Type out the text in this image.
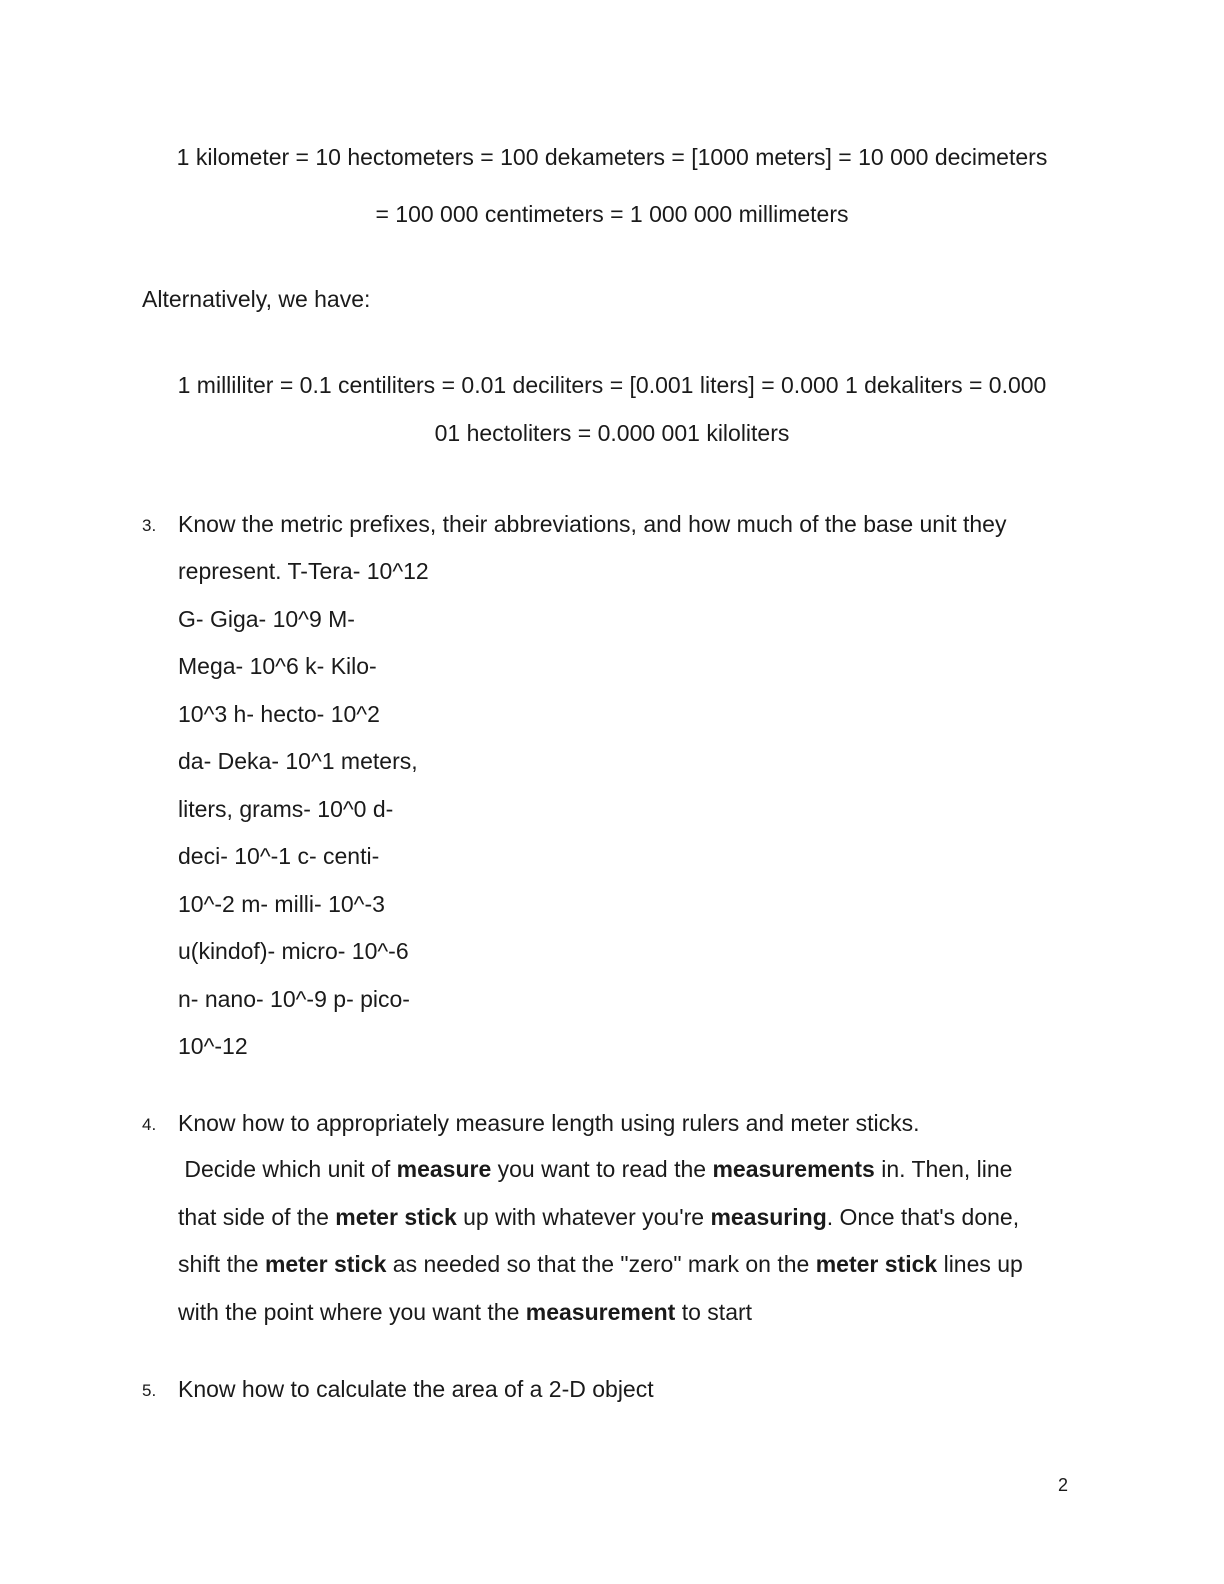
1 kilometer = 10 hectometers = 100 dekameters = [1000 meters] = 10 000 decimeters
= 100 000 centimeters = 1 000 000 millimeters
Alternatively, we have:
1 milliliter = 0.1 centiliters = 0.01 deciliters = [0.001 liters] = 0.000 1 dekaliters = 0.000
01 hectoliters = 0.000 001 kiloliters
3. Know the metric prefixes, their abbreviations, and how much of the base unit they
represent. T-Tera- 10^12
G- Giga- 10^9 M-
Mega- 10^6 k- Kilo-
10^3 h- hecto- 10^2
da- Deka- 10^1 meters,
liters, grams- 10^0 d-
deci- 10^-1 c- centi-
10^-2 m- milli- 10^-3
u(kindof)- micro- 10^-6
n- nano- 10^-9 p- pico-
10^-12
4. Know how to appropriately measure length using rulers and meter sticks.
Decide which unit of measure you want to read the measurements in. Then, line
that side of the meter stick up with whatever you're measuring. Once that's done,
shift the meter stick as needed so that the "zero" mark on the meter stick lines up
with the point where you want the measurement to start
5. Know how to calculate the area of a 2-D object
2
